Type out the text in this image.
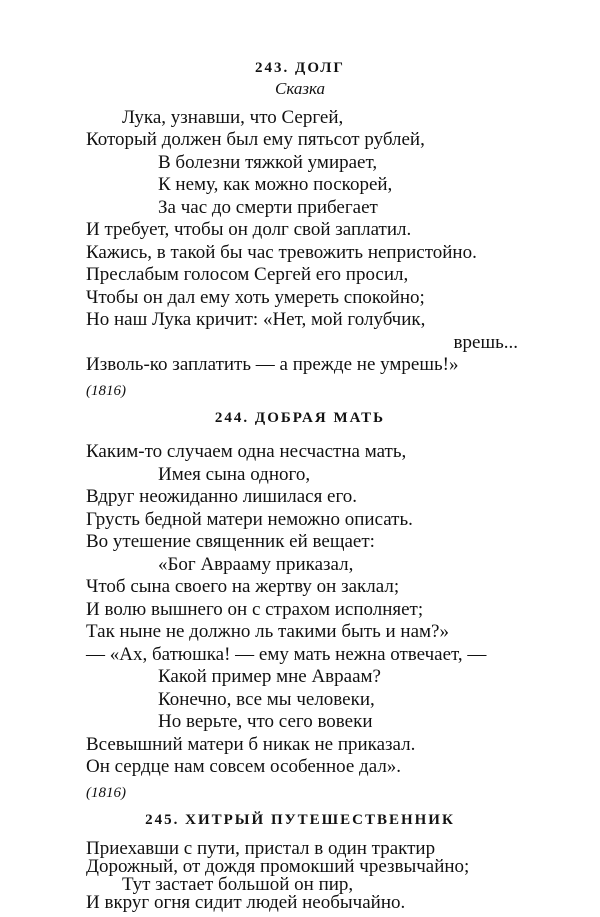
243. ДОЛГ
Сказка
Лука, узнавши, что Сергей,
Который должен был ему пятьсот рублей,
В болезни тяжкой умирает,
К нему, как можно поскорей,
За час до смерти прибегает
И требует, чтобы он долг свой заплатил.
Кажись, в такой бы час тревожить непристойно.
Преслабым голосом Сергей его просил,
Чтобы он дал ему хоть умереть спокойно;
Но наш Лука кричит: «Нет, мой голубчик,
врешь...
Изволь-ко заплатить — а прежде не умрешь!»
(1816)
244. ДОБРАЯ МАТЬ
Каким-то случаем одна несчастна мать,
Имея сына одного,
Вдруг неожиданно лишилася его.
Грусть бедной матери неможно описать.
Во утешение священник ей вещает:
«Бог Аврааму приказал,
Чтоб сына своего на жертву он заклал;
И волю вышнего он с страхом исполняет;
Так ныне не должно ль такими быть и нам?»
— «Ах, батюшка! — ему мать нежна отвечает, —
Какой пример мне Авраам?
Конечно, все мы человеки,
Но верьте, что сего вовеки
Всевышний матери б никак не приказал.
Он сердце нам совсем особенное дал».
(1816)
245. ХИТРЫЙ ПУТЕШЕСТВЕННИК
Приехавши с пути, пристал в один трактир
Дорожный, от дождя промокший чрезвычайно;
Тут застает большой он пир,
И вкруг огня сидит людей необычайно.
